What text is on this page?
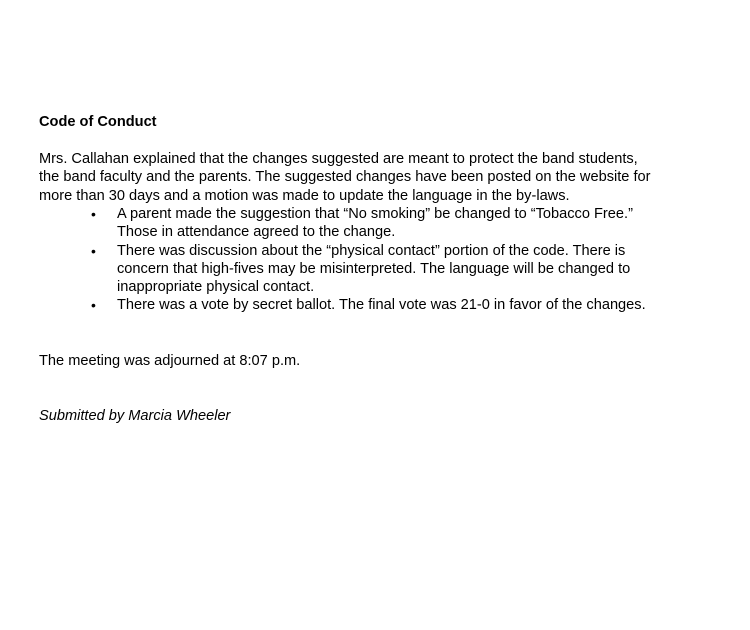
Code of Conduct
Mrs. Callahan explained that the changes suggested are meant to protect the band students,
the band faculty and the parents. The suggested changes have been posted on the website for
more than 30 days and a motion was made to update the language in the by-laws.
• A parent made the suggestion that “No smoking” be changed to “Tobacco Free.”
Those in attendance agreed to the change.
• There was discussion about the “physical contact” portion of the code. There is
concern that high-fives may be misinterpreted. The language will be changed to
inappropriate physical contact.
• There was a vote by secret ballot. The final vote was 21-0 in favor of the changes.
The meeting was adjourned at 8:07 p.m.
Submitted by Marcia Wheeler
